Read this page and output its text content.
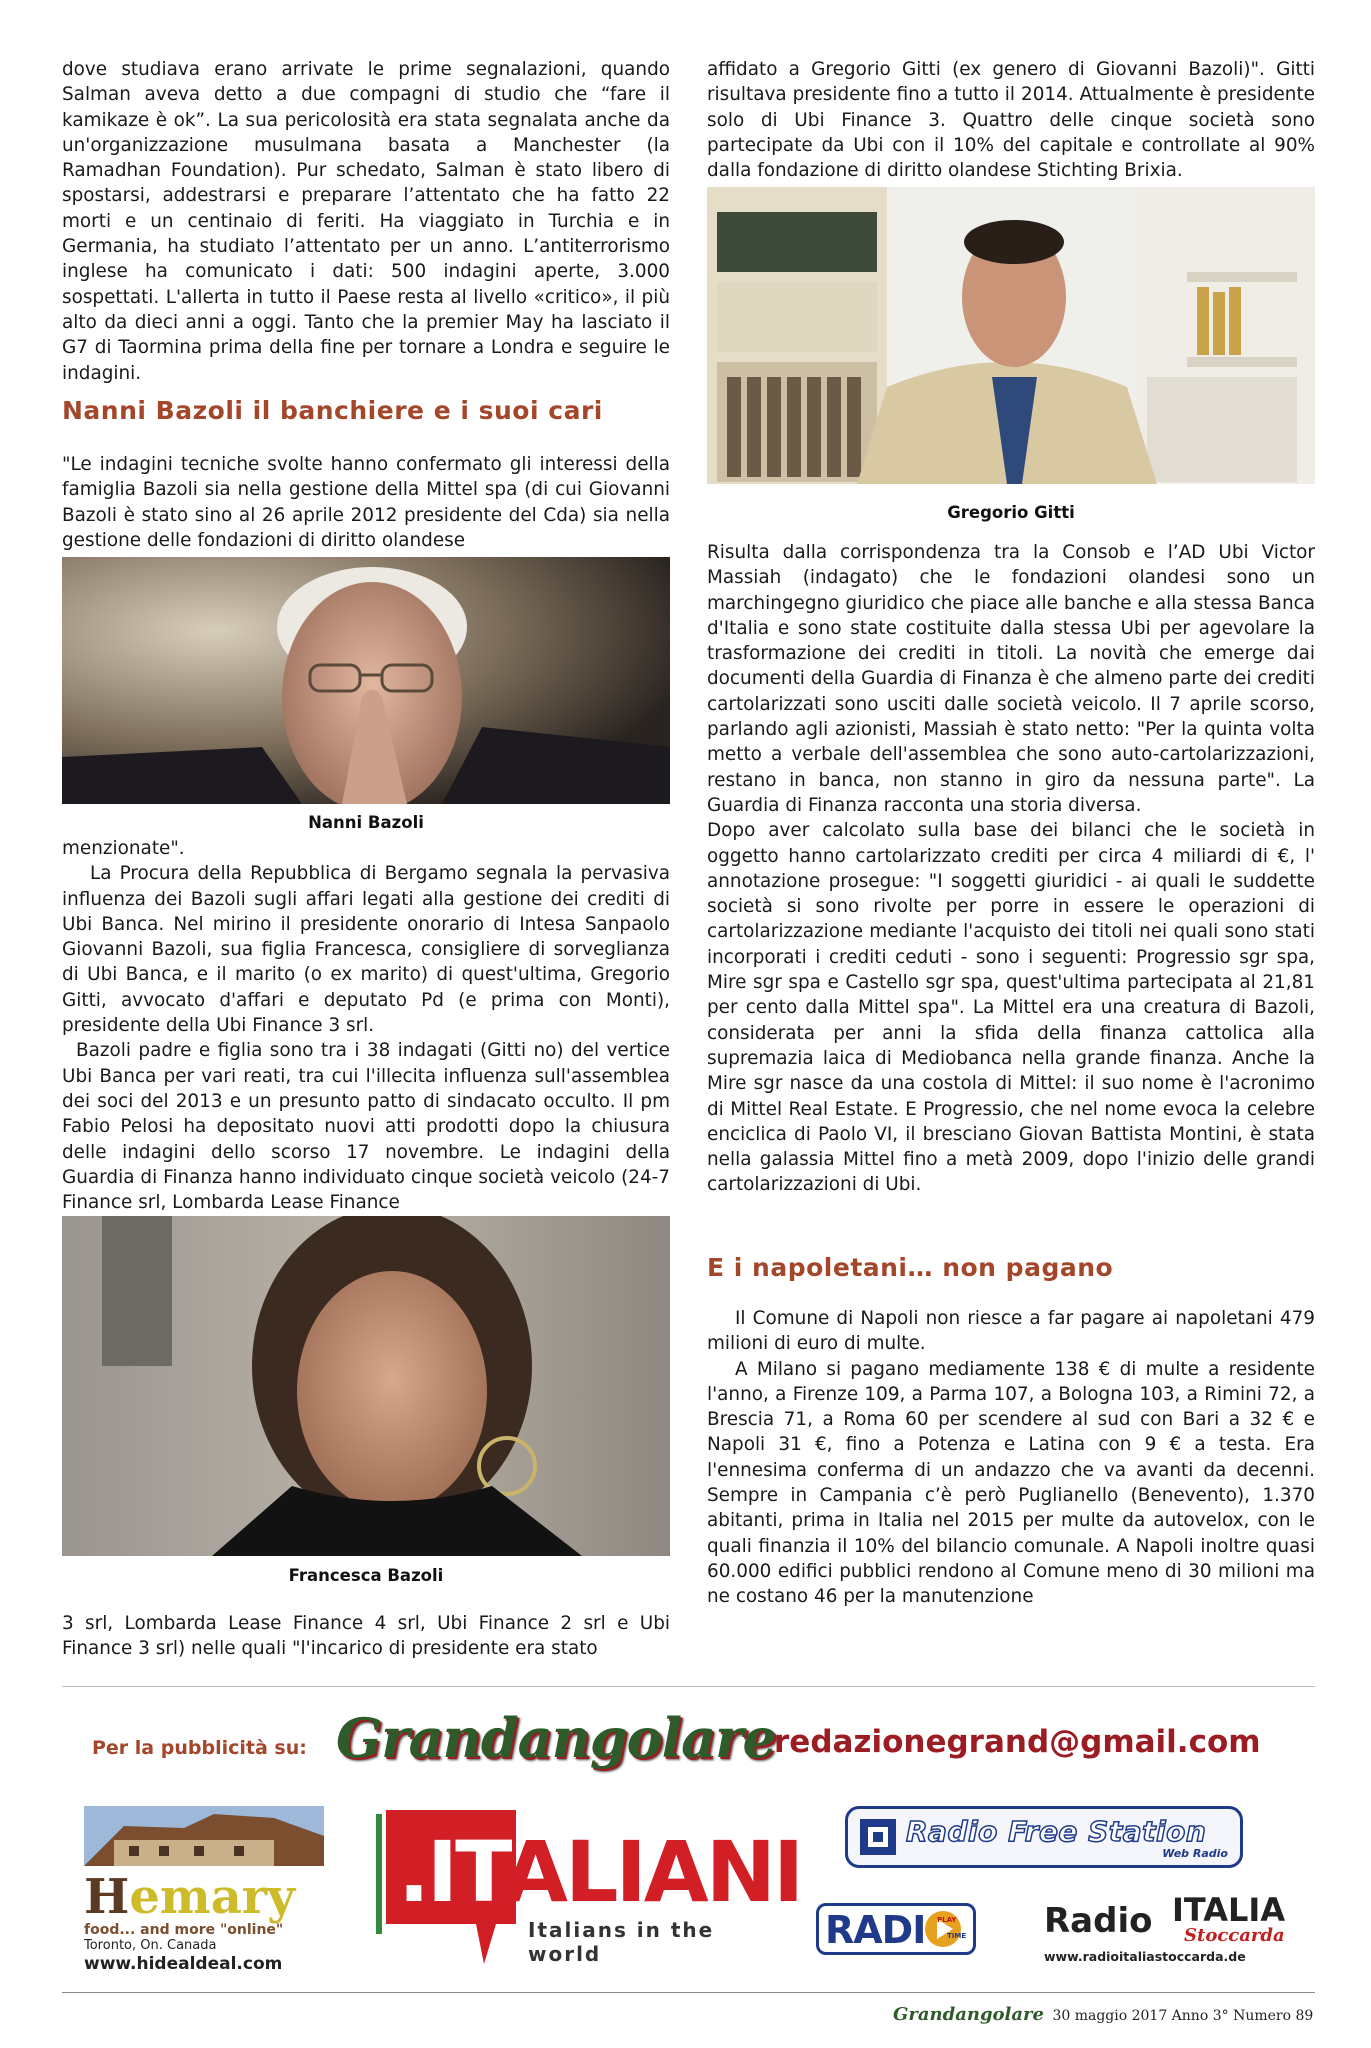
dove studiava erano arrivate le prime segnalazioni, quando Salman aveva detto a due compagni di studio che “fare il kamikaze è ok”. La sua pericolosità era stata segnalata anche da un'organizzazione musulmana basata a Manchester (la Ramadhan Foundation). Pur schedato, Salman è stato libero di spostarsi, addestrarsi e preparare l’attentato che ha fatto 22 morti e un centinaio di feriti. Ha viaggiato in Turchia e in Germania, ha studiato l’attentato per un anno. L’antiterrorismo inglese ha comunicato i dati: 500 indagini aperte, 3.000 sospettati. L'allerta in tutto il Paese resta al livello «critico», il più alto da dieci anni a oggi. Tanto che la premier May ha lasciato il G7 di Taormina prima della fine per tornare a Londra e seguire le indagini.

Nanni Bazoli il banchiere e i suoi cari

"Le indagini tecniche svolte hanno confermato gli interessi della famiglia Bazoli sia nella gestione della Mittel spa (di cui Giovanni Bazoli è stato sino al 26 aprile 2012 presidente del Cda) sia nella gestione delle fondazioni di diritto olandese

Nanni Bazoli

menzionate".

La Procura della Repubblica di Bergamo segnala la pervasiva influenza dei Bazoli sugli affari legati alla gestione dei crediti di Ubi Banca. Nel mirino il presidente onorario di Intesa Sanpaolo Giovanni Bazoli, sua figlia Francesca, consigliere di sorveglianza di Ubi Banca, e il marito (o ex marito) di quest'ultima, Gregorio Gitti, avvocato d'affari e deputato Pd (e prima con Monti), presidente della Ubi Finance 3 srl.

Bazoli padre e figlia sono tra i 38 indagati (Gitti no) del vertice Ubi Banca per vari reati, tra cui l'illecita influenza sull'assemblea dei soci del 2013 e un presunto patto di sindacato occulto. Il pm Fabio Pelosi ha depositato nuovi atti prodotti dopo la chiusura delle indagini dello scorso 17 novembre. Le indagini della Guardia di Finanza hanno individuato cinque società veicolo (24-7 Finance srl, Lombarda Lease Finance

Francesca Bazoli

3 srl, Lombarda Lease Finance 4 srl, Ubi Finance 2 srl e Ubi Finance 3 srl) nelle quali "l'incarico di presidente era stato

affidato a Gregorio Gitti (ex genero di Giovanni Bazoli)". Gitti risultava presidente fino a tutto il 2014. Attualmente è presidente solo di Ubi Finance 3. Quattro delle cinque società sono partecipate da Ubi con il 10% del capitale e controllate al 90% dalla fondazione di diritto olandese Stichting Brixia.

Gregorio Gitti

Risulta dalla corrispondenza tra la Consob e l’AD Ubi Victor Massiah (indagato) che le fondazioni olandesi sono un marchingegno giuridico che piace alle banche e alla stessa Banca d'Italia e sono state costituite dalla stessa Ubi per agevolare la trasformazione dei crediti in titoli. La novità che emerge dai documenti della Guardia di Finanza è che almeno parte dei crediti cartolarizzati sono usciti dalle società veicolo. Il 7 aprile scorso, parlando agli azionisti, Massiah è stato netto: "Per la quinta volta metto a verbale dell'assemblea che sono auto-cartolarizzazioni, restano in banca, non stanno in giro da nessuna parte". La Guardia di Finanza racconta una storia diversa.

Dopo aver calcolato sulla base dei bilanci che le società in oggetto hanno cartolarizzato crediti per circa 4 miliardi di €, l' annotazione prosegue: "I soggetti giuridici - ai quali le suddette società si sono rivolte per porre in essere le operazioni di cartolarizzazione mediante l'acquisto dei titoli nei quali sono stati incorporati i crediti ceduti - sono i seguenti: Progressio sgr spa, Mire sgr spa e Castello sgr spa, quest'ultima partecipata al 21,81 per cento dalla Mittel spa". La Mittel era una creatura di Bazoli, considerata per anni la sfida della finanza cattolica alla supremazia laica di Mediobanca nella grande finanza. Anche la Mire sgr nasce da una costola di Mittel: il suo nome è l'acronimo di Mittel Real Estate. E Progressio, che nel nome evoca la celebre enciclica di Paolo VI, il bresciano Giovan Battista Montini, è stata nella galassia Mittel fino a metà 2009, dopo l'inizio delle grandi cartolarizzazioni di Ubi.

E i napoletani… non pagano

Il Comune di Napoli non riesce a far pagare ai napoletani 479 milioni di euro di multe.

A Milano si pagano mediamente 138 € di multe a residente l'anno, a Firenze 109, a Parma 107, a Bologna 103, a Rimini 72, a Brescia 71, a Roma 60 per scendere al sud con Bari a 32 € e Napoli 31 €, fino a Potenza e Latina con 9 € a testa. Era l'ennesima conferma di un andazzo che va avanti da decenni. Sempre in Campania c’è però Puglianello (Benevento), 1.370 abitanti, prima in Italia nel 2015 per multe da autovelox, con le quali finanzia il 10% del bilancio comunale. A Napoli inoltre quasi 60.000 edifici pubblici rendono al Comune meno di 30 milioni ma ne costano 46 per la manutenzione

Per la pubblicità su: Grandangolare
redazionegrand@gmail.com
Hemary
food... and more "online"
Toronto, On. Canada
www.hidealdeal.com
.ITALIANI
Italians in the world
Radio Free Station
Web Radio
RADI PLAY
TIME Radio ITALIA
Stoccarda
www.radioitaliastoccarda.de
Grandangolare 30 maggio 2017 Anno 3° Numero 89
